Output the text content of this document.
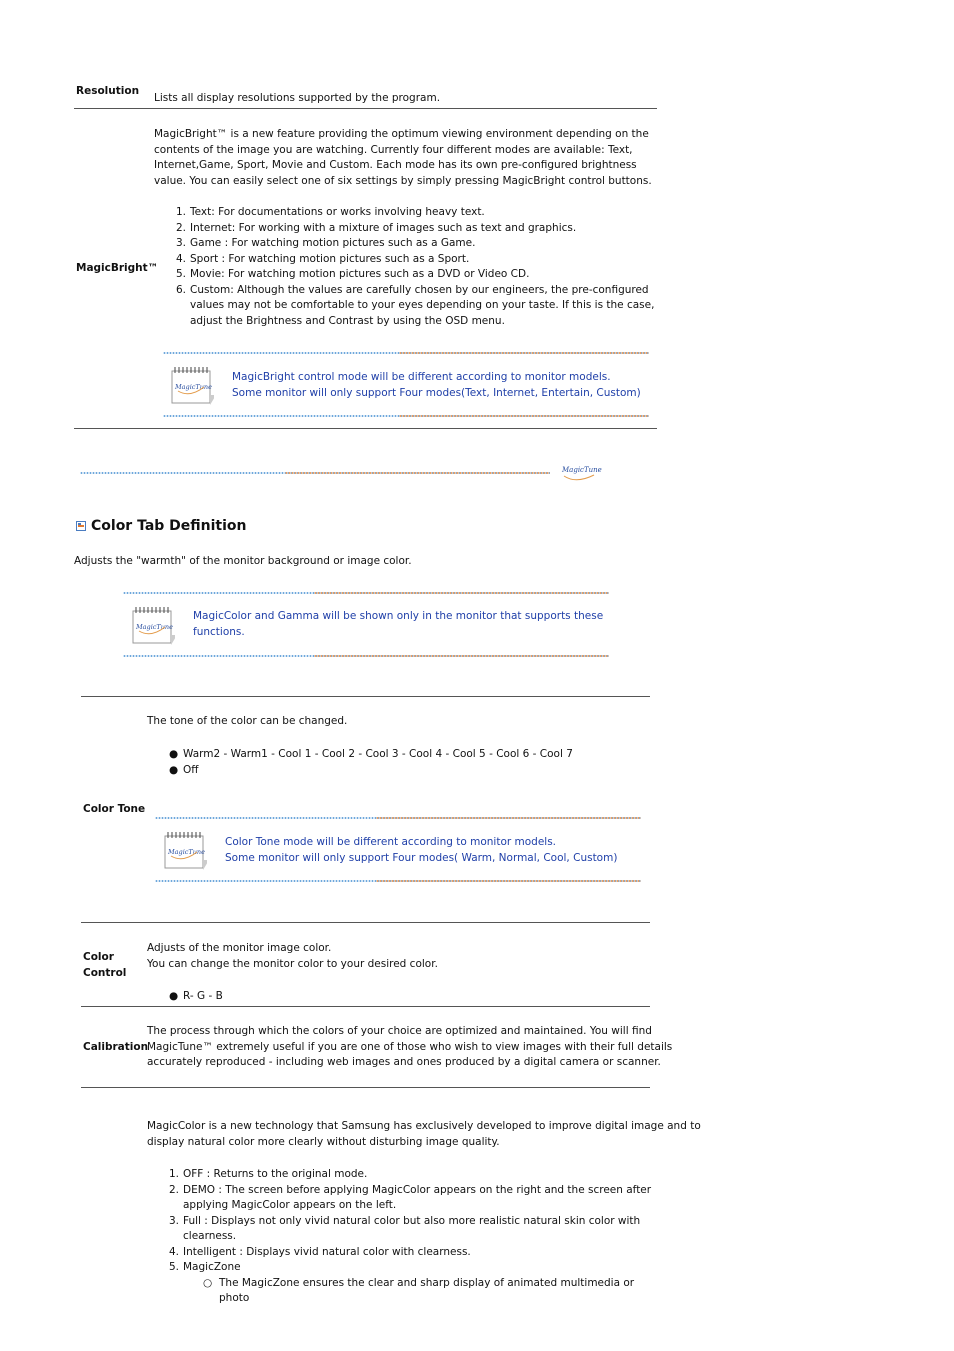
Resolution
Lists all display resolutions supported by the program.
MagicBright™
MagicBright™ is a new feature providing the optimum viewing environment depending on the contents of the image you are watching. Currently four different modes are available: Text, Internet,Game, Sport, Movie and Custom. Each mode has its own pre-configured brightness value. You can easily select one of six settings by simply pressing MagicBright control buttons.
1. Text: For documentations or works involving heavy text.
2. Internet: For working with a mixture of images such as text and graphics.
3. Game : For watching motion pictures such as a Game.
4. Sport : For watching motion pictures such as a Sport.
5. Movie: For watching motion pictures such as a DVD or Video CD.
6. Custom: Although the values are carefully chosen by our engineers, the pre-configured values may not be comfortable to your eyes depending on your taste. If this is the case, adjust the Brightness and Contrast by using the OSD menu.
MagicTune
MagicBright control mode will be different according to monitor models.
Some monitor will only support Four modes(Text, Internet, Entertain, Custom)
MagicTune
Color Tab Definition
Adjusts the "warmth" of the monitor background or image color.
MagicTune
MagicColor and Gamma will be shown only in the monitor that supports these
functions.
Color Tone
The tone of the color can be changed.
● Warm2 - Warm1 - Cool 1 - Cool 2 - Cool 3 - Cool 4 - Cool 5 - Cool 6 - Cool 7
● Off
MagicTune
Color Tone mode will be different according to monitor models.
Some monitor will only support Four modes( Warm, Normal, Cool, Custom)
Color
Control
Adjusts of the monitor image color.
You can change the monitor color to your desired color.
● R- G - B
Calibration
The process through which the colors of your choice are optimized and maintained. You will find
MagicTune™ extremely useful if you are one of those who wish to view images with their full details
accurately reproduced - including web images and ones produced by a digital camera or scanner.
MagicColor is a new technology that Samsung has exclusively developed to improve digital image and to
display natural color more clearly without disturbing image quality.
1. OFF : Returns to the original mode.
2. DEMO : The screen before applying MagicColor appears on the right and the screen after applying MagicColor appears on the left.
3. Full : Displays not only vivid natural color but also more realistic natural skin color with clearness.
4. Intelligent : Displays vivid natural color with clearness.
5. MagicZone
○ The MagicZone ensures the clear and sharp display of animated multimedia or photo
